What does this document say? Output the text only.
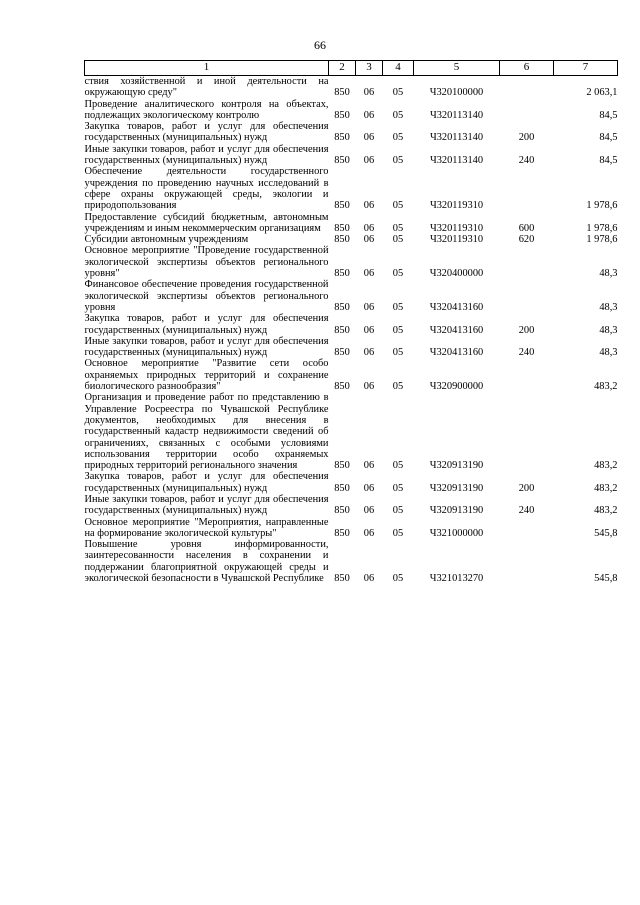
66
1	2	3	4	5	6	7
ствия хозяйственной и иной деятельности на окружающую среду"	850	06	05	Ч320100000		2 063,1
Проведение аналитического контроля на объектах, подлежащих экологическому контролю	850	06	05	Ч320113140		84,5
Закупка товаров, работ и услуг для обеспечения государственных (муниципальных) нужд	850	06	05	Ч320113140	200	84,5
Иные закупки товаров, работ и услуг для обеспечения государственных (муниципальных) нужд	850	06	05	Ч320113140	240	84,5
Обеспечение деятельности государственного учреждения по проведению научных исследований в сфере охраны окружающей среды, экологии и природопользования	850	06	05	Ч320119310		1 978,6
Предоставление субсидий бюджетным, автономным учреждениям и иным некоммерческим организациям	850	06	05	Ч320119310	600	1 978,6
Субсидии автономным учреждениям	850	06	05	Ч320119310	620	1 978,6
Основное мероприятие "Проведение государственной экологической экспертизы объектов регионального уровня"	850	06	05	Ч320400000		48,3
Финансовое обеспечение проведения государственной экологической экспертизы объектов регионального уровня	850	06	05	Ч320413160		48,3
Закупка товаров, работ и услуг для обеспечения государственных (муниципальных) нужд	850	06	05	Ч320413160	200	48,3
Иные закупки товаров, работ и услуг для обеспечения государственных (муниципальных) нужд	850	06	05	Ч320413160	240	48,3
Основное мероприятие "Развитие сети особо охраняемых природных территорий и сохранение биологического разнообразия"	850	06	05	Ч320900000		483,2
Организация и проведение работ по представлению в Управление Росреестра по Чувашской Республике документов, необходимых для внесения в государственный кадастр недвижимости сведений об ограничениях, связанных с особыми условиями использования территории особо охраняемых природных территорий регионального значения	850	06	05	Ч320913190		483,2
Закупка товаров, работ и услуг для обеспечения государственных (муниципальных) нужд	850	06	05	Ч320913190	200	483,2
Иные закупки товаров, работ и услуг для обеспечения государственных (муниципальных) нужд	850	06	05	Ч320913190	240	483,2
Основное мероприятие "Мероприятия, направленные на формирование экологической культуры"	850	06	05	Ч321000000		545,8
Повышение уровня информированности, заинтересованности населения в сохранении и поддержании благоприятной окружающей среды и экологической безопасности в Чувашской Республике	850	06	05	Ч321013270		545,8
